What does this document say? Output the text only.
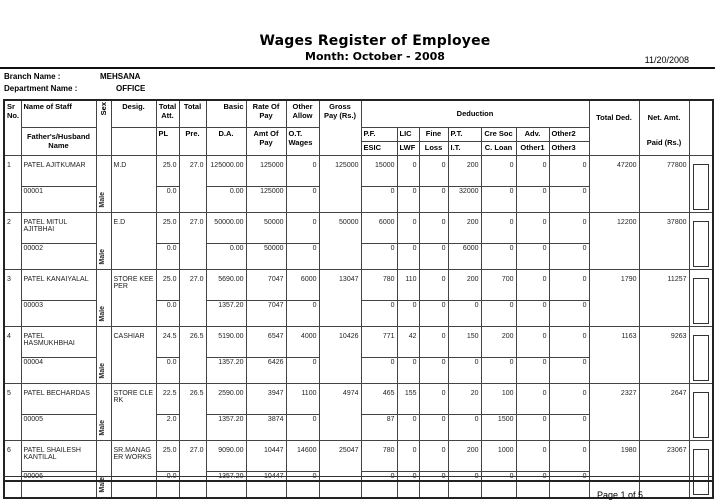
Wages Register of Employee
Month: October - 2008	11/20/2008
Branch Name :	MEHSANA
Department Name :	OFFICE
Sr No.	Name of Staff	Sex	Desig.	Total Att.	Total	Basic	Rate Of Pay	Other Allow	Gross Pay (Rs.)	Deduction							Total Ded.	Net. Amt.
Paid (Rs.)	

	Father's/Husband Name			PL	Pre.	D.A.	Amt Of Pay	O.T. Wages		P.F.	LIC	Fine	P.T.	Cre Soc	Adv.	Other2			
										ESIC	LWF	Loss	I.T.	C. Loan	Other1	Other3			
1	PATEL AJITKUMAR	Male	M.D	25.0	27.0	125000.00	125000	0	125000	15000	0	0	200	0	0	0	47200	77800	

	00001			0.0		0.00	125000	0		0	0	0	32000	0	0	0			
2	PATEL MITUL AJITBHAI	Male	E.D	25.0	27.0	50000.00	50000	0	50000	6000	0	0	200	0	0	0	12200	37800	

	00002			0.0		0.00	50000	0		0	0	0	6000	0	0	0			
3	PATEL KANAIYALAL	Male	STORE KEEPER	25.0	27.0	5690.00	7047	6000	13047	780	110	0	200	700	0	0	1790	11257	

	00003			0.0		1357.20	7047	0		0	0	0	0	0	0	0			
4	PATEL HASMUKHBHAI	Male	CASHIAR	24.5	26.5	5190.00	6547	4000	10426	771	42	0	150	200	0	0	1163	9263	

	00004			0.0		1357.20	6426	0		0	0	0	0	0	0	0			
5	PATEL BECHARDAS	Male	STORE CLERK	22.5	26.5	2590.00	3947	1100	4974	465	155	0	20	100	0	0	2327	2647	

	00005			2.0		1357.20	3874	0		87	0	0	0	1500	0	0			
6	PATEL SHAILESH KANTILAL	Male	SR.MANAGER WORKS	25.0	27.0	9090.00	10447	14600	25047	780	0	0	200	1000	0	0	1980	23067	

	00006			0.0		1357.20	10447	0		0	0	0	0	0	0	0			
Page 1 of 5
